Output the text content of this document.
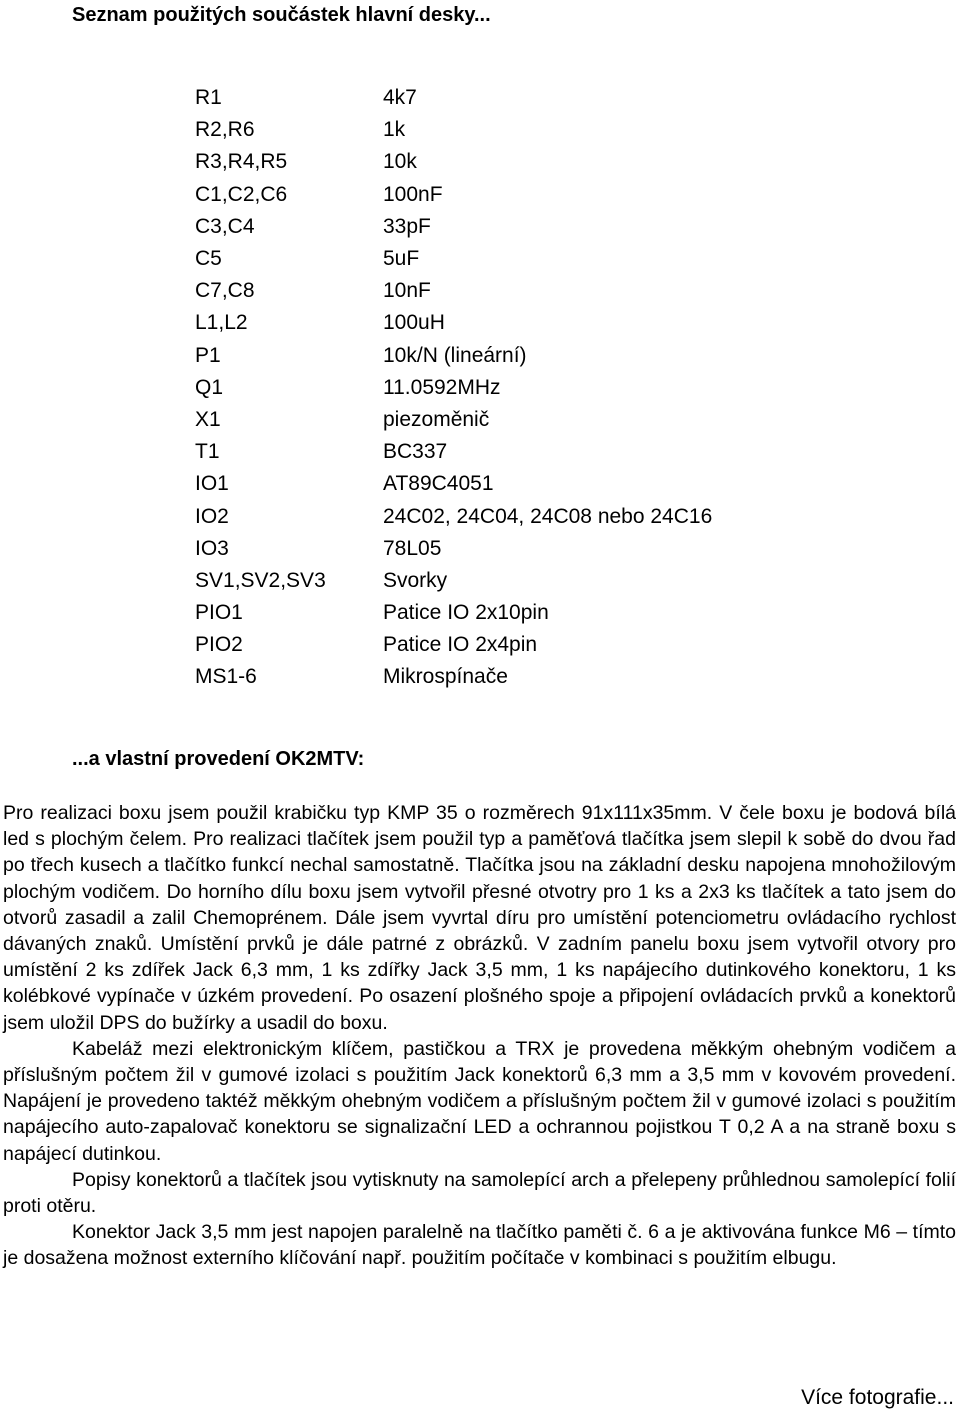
Seznam použitých součástek hlavní desky...
R1	4k7
R2,R6	1k
R3,R4,R5	10k
C1,C2,C6	100nF
C3,C4	33pF
C5	5uF
C7,C8	10nF
L1,L2	100uH
P1	10k/N (lineární)
Q1	11.0592MHz
X1	piezoměnič
T1	BC337
IO1	AT89C4051
IO2	24C02, 24C04, 24C08 nebo 24C16
IO3	78L05
SV1,SV2,SV3	Svorky
PIO1	Patice IO 2x10pin
PIO2	Patice IO 2x4pin
MS1-6	Mikrospínače
...a vlastní provedení OK2MTV:

Pro realizaci boxu jsem použil krabičku typ KMP 35 o rozměrech 91x111x35mm. V čele boxu je bodová bílá led s plochým čelem. Pro realizaci tlačítek jsem použil typ a paměťová tlačítka jsem slepil k sobě do dvou řad po třech kusech a tlačítko funkcí nechal samostatně. Tlačítka jsou na základní desku napojena mnohožilovým plochým vodičem. Do horního dílu boxu jsem vytvořil přesné otvotry pro 1 ks a 2x3 ks tlačítek a tato jsem do otvorů zasadil a zalil Chemoprénem. Dále jsem vyvrtal díru pro umístění potenciometru ovládacího rychlost dávaných znaků. Umístění prvků je dále patrné z obrázků. V zadním panelu boxu jsem vytvořil otvory pro umístění 2 ks zdířek Jack 6,3 mm, 1 ks zdířky Jack 3,5 mm, 1 ks napájecího dutinkového konektoru, 1 ks kolébkové vypínače v úzkém provedení. Po osazení plošného spoje a připojení ovládacích prvků a konektorů jsem uložil DPS do bužírky a usadil do boxu.

Kabeláž mezi elektronickým klíčem, pastičkou a TRX je provedena měkkým ohebným vodičem a příslušným počtem žil v gumové izolaci s použitím Jack konektorů 6,3 mm a 3,5 mm v kovovém provedení. Napájení je provedeno taktéž měkkým ohebným vodičem a příslušným počtem žil v gumové izolaci s použitím napájecího auto-zapalovač konektoru se signalizační LED a ochrannou pojistkou T 0,2 A a na straně boxu s napájecí dutinkou.

Popisy konektorů a tlačítek jsou vytisknuty na samolepící arch a přelepeny průhlednou samolepící folií proti otěru.

Konektor Jack 3,5 mm jest napojen paralelně na tlačítko paměti č. 6 a je aktivována funkce M6 – tímto je dosažena možnost externího klíčování např. použitím počítače v kombinaci s použitím elbugu.

Více fotografie...
